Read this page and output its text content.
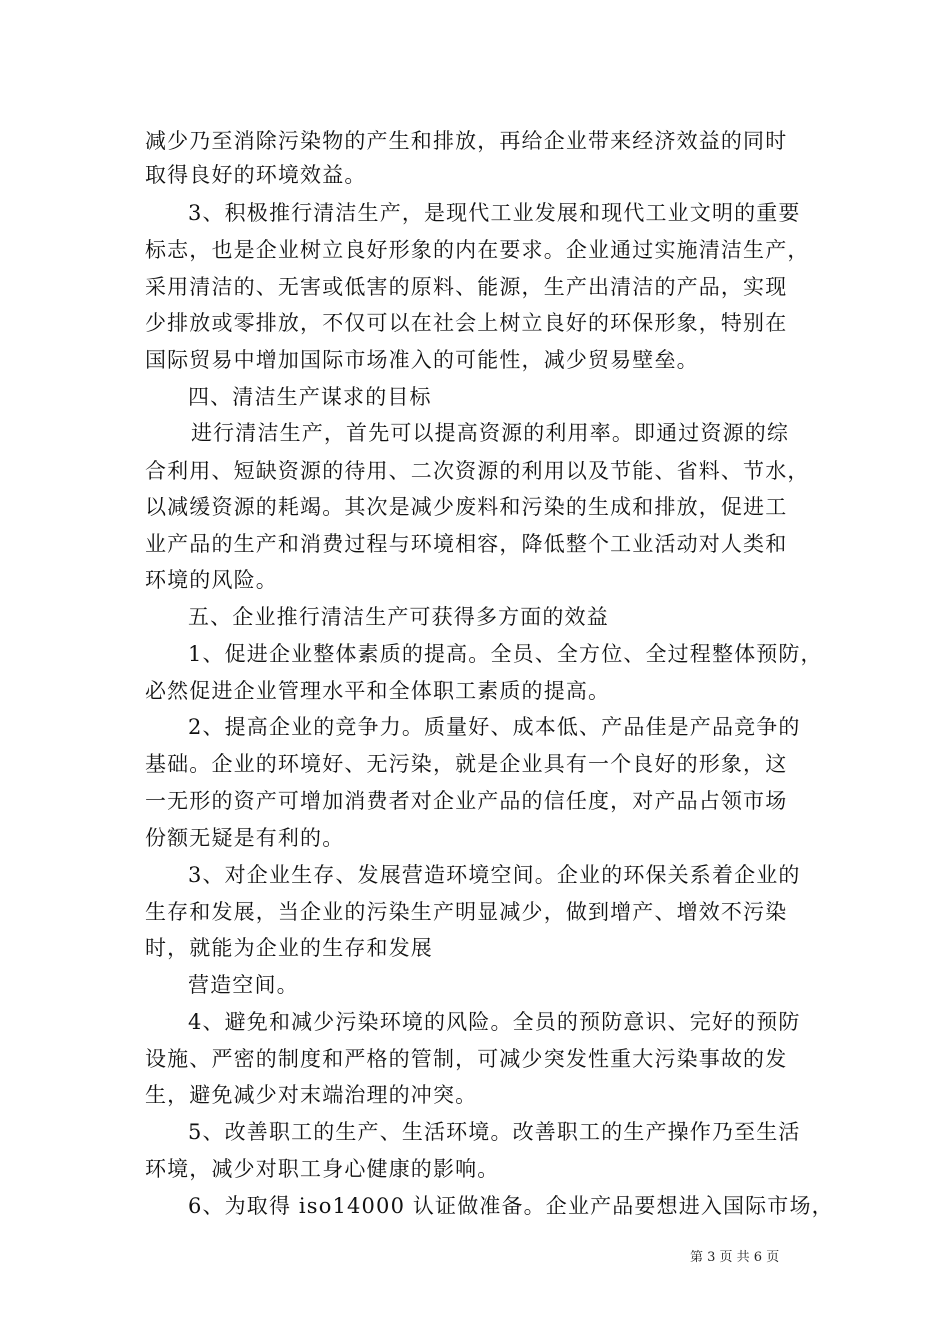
减少乃至消除污染物的产生和排放，再给企业带来经济效益的同时
取得良好的环境效益。
3、积极推行清洁生产，是现代工业发展和现代工业文明的重要
标志，也是企业树立良好形象的内在要求。企业通过实施清洁生产，
采用清洁的、无害或低害的原料、能源，生产出清洁的产品，实现
少排放或零排放，不仅可以在社会上树立良好的环保形象，特别在
国际贸易中增加国际市场准入的可能性，减少贸易壁垒。
四、清洁生产谋求的目标
进行清洁生产，首先可以提高资源的利用率。即通过资源的综
合利用、短缺资源的待用、二次资源的利用以及节能、省料、节水，
以减缓资源的耗竭。其次是减少废料和污染的生成和排放，促进工
业产品的生产和消费过程与环境相容，降低整个工业活动对人类和
环境的风险。
五、企业推行清洁生产可获得多方面的效益
1、促进企业整体素质的提高。全员、全方位、全过程整体预防，
必然促进企业管理水平和全体职工素质的提高。
2、提高企业的竞争力。质量好、成本低、产品佳是产品竞争的
基础。企业的环境好、无污染，就是企业具有一个良好的形象，这
一无形的资产可增加消费者对企业产品的信任度，对产品占领市场
份额无疑是有利的。
3、对企业生存、发展营造环境空间。企业的环保关系着企业的
生存和发展，当企业的污染生产明显减少，做到增产、增效不污染
时，就能为企业的生存和发展
营造空间。
4、避免和减少污染环境的风险。全员的预防意识、完好的预防
设施、严密的制度和严格的管制，可减少突发性重大污染事故的发
生，避免减少对末端治理的冲突。
5、改善职工的生产、生活环境。改善职工的生产操作乃至生活
环境，减少对职工身心健康的影响。
6、为取得 iso14000 认证做准备。企业产品要想进入国际市场，
第 3 页 共 6 页
